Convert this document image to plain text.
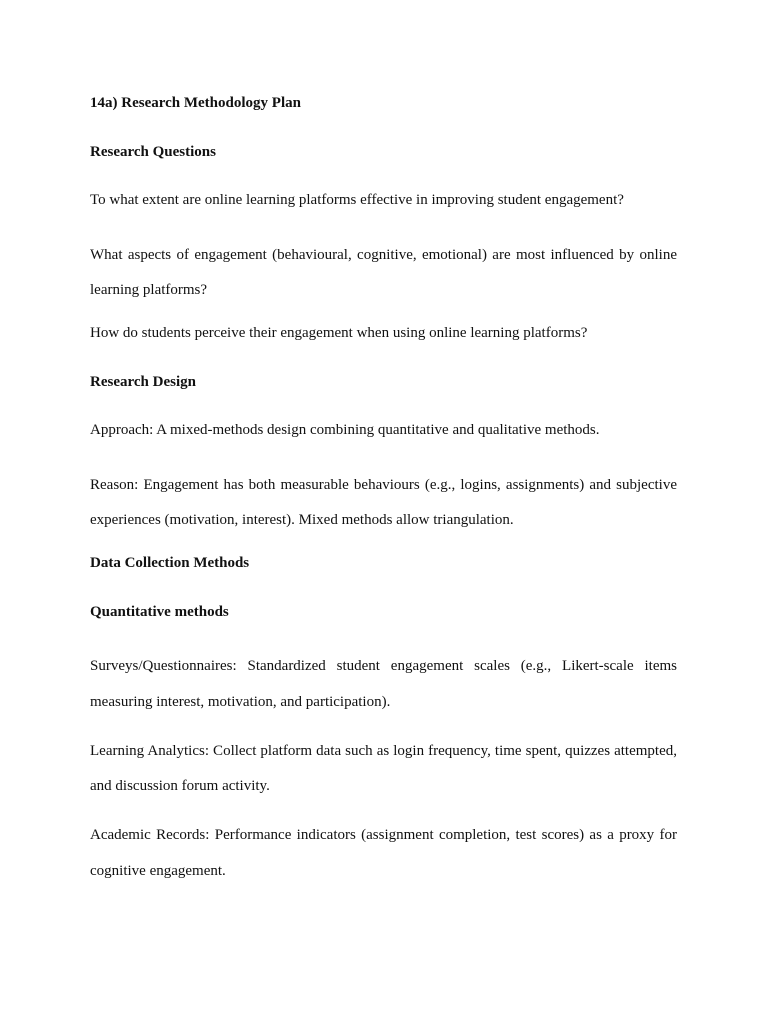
14a) Research Methodology Plan
Research Questions
To what extent are online learning platforms effective in improving student engagement?
What aspects of engagement (behavioural, cognitive, emotional) are most influenced by online learning platforms?
How do students perceive their engagement when using online learning platforms?
Research Design
Approach: A mixed-methods design combining quantitative and qualitative methods.
Reason: Engagement has both measurable behaviours (e.g., logins, assignments) and subjective experiences (motivation, interest). Mixed methods allow triangulation.
Data Collection Methods
Quantitative methods
Surveys/Questionnaires: Standardized student engagement scales (e.g., Likert-scale items measuring interest, motivation, and participation).
Learning Analytics: Collect platform data such as login frequency, time spent, quizzes attempted, and discussion forum activity.
Academic Records: Performance indicators (assignment completion, test scores) as a proxy for cognitive engagement.
